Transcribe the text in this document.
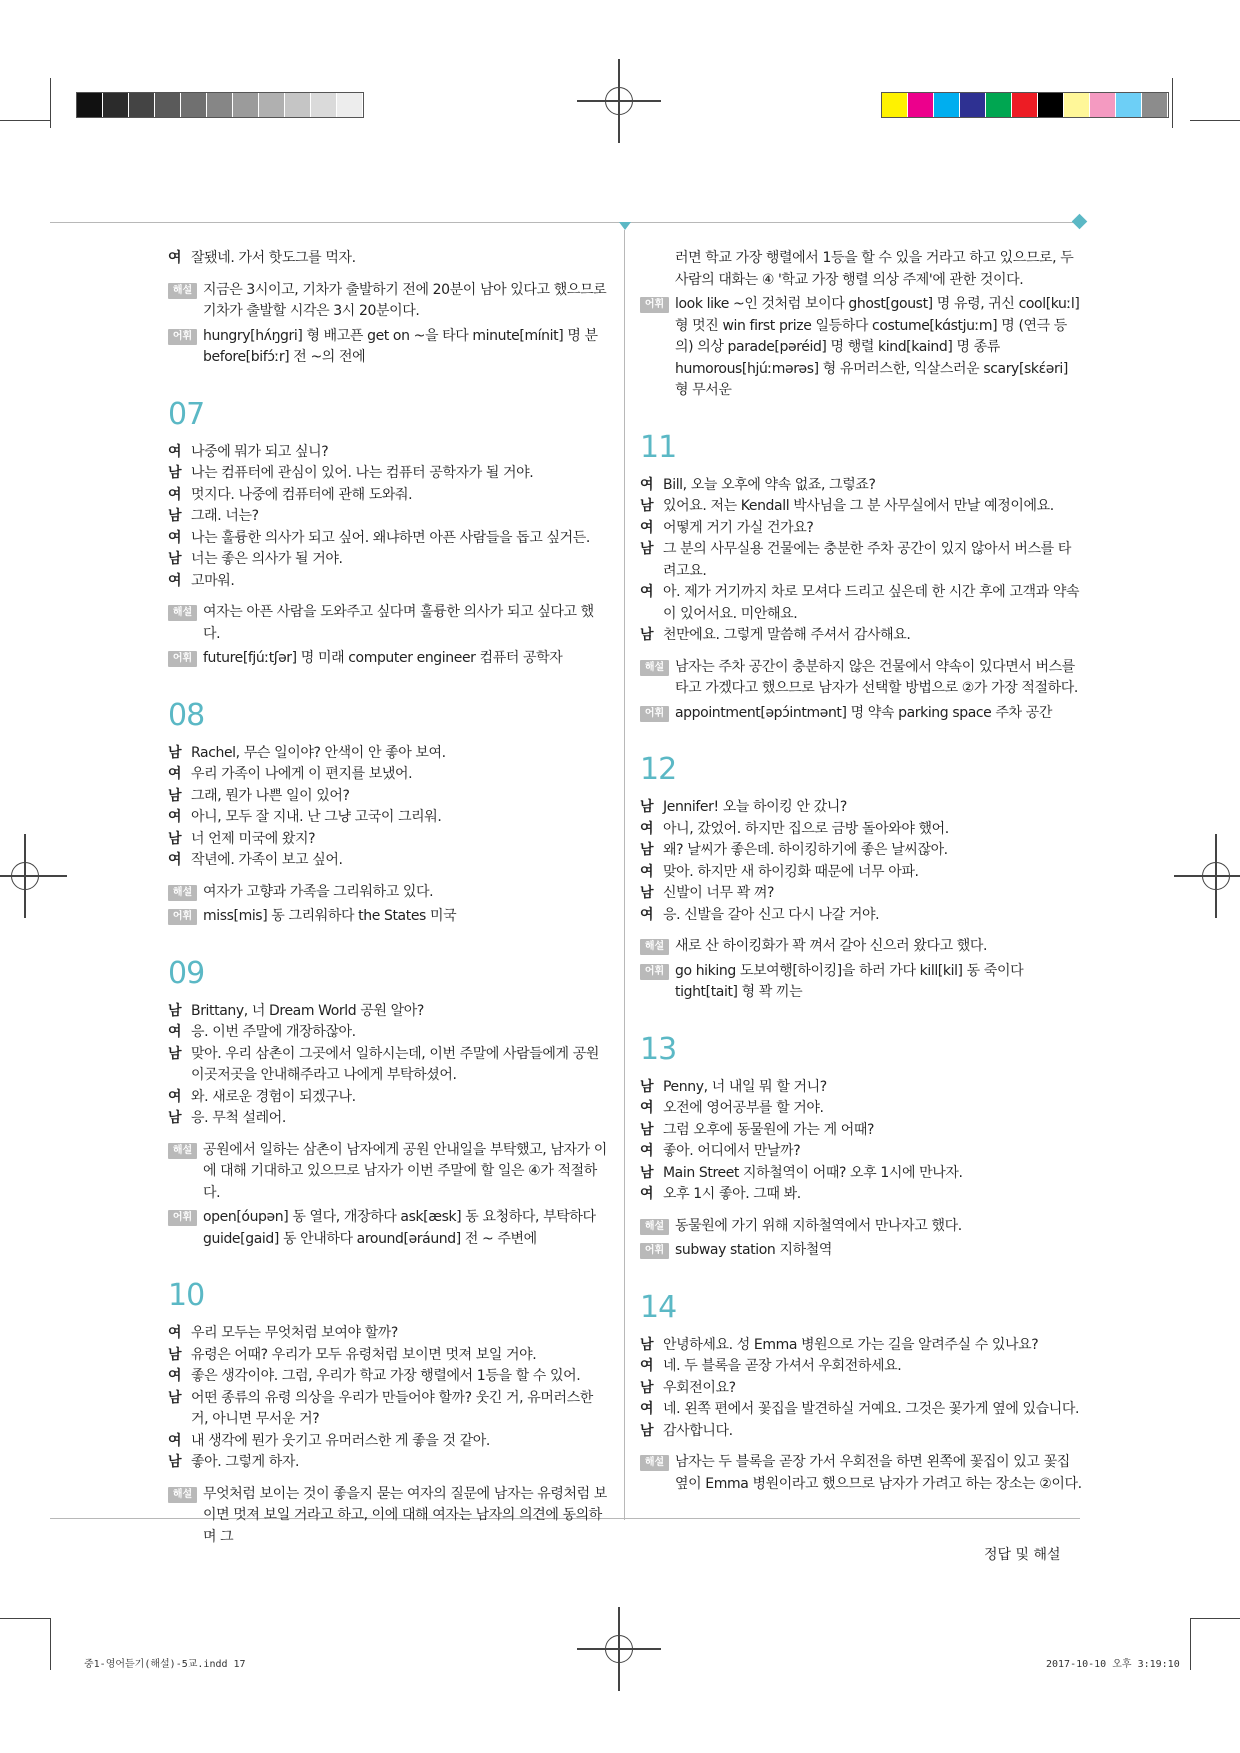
여 잘됐네. 가서 핫도그를 먹자.
해설 지금은 3시이고, 기차가 출발하기 전에 20분이 남아 있다고 했으므로 기차가 출발할 시각은 3시 20분이다.
어휘 hungry[hʌ́ŋgri] 형 배고픈 get on ~을 타다 minute[mínit] 명 분 before[bifɔ́ːr] 전 ~의 전에
07
여 나중에 뭐가 되고 싶니?
남 나는 컴퓨터에 관심이 있어. 나는 컴퓨터 공학자가 될 거야.
여 멋지다. 나중에 컴퓨터에 관해 도와줘.
남 그래. 너는?
여 나는 훌륭한 의사가 되고 싶어. 왜냐하면 아픈 사람들을 돕고 싶거든.
남 너는 좋은 의사가 될 거야.
여 고마워.
해설 여자는 아픈 사람을 도와주고 싶다며 훌륭한 의사가 되고 싶다고 했다.
어휘 future[fjúːtʃər] 명 미래 computer engineer 컴퓨터 공학자
08
남 Rachel, 무슨 일이야? 안색이 안 좋아 보여.
여 우리 가족이 나에게 이 편지를 보냈어.
남 그래, 뭔가 나쁜 일이 있어?
여 아니, 모두 잘 지내. 난 그냥 고국이 그리워.
남 너 언제 미국에 왔지?
여 작년에. 가족이 보고 싶어.
해설 여자가 고향과 가족을 그리워하고 있다.
어휘 miss[mis] 동 그리워하다 the States 미국
09
남 Brittany, 너 Dream World 공원 알아?
여 응. 이번 주말에 개장하잖아.
남 맞아. 우리 삼촌이 그곳에서 일하시는데, 이번 주말에 사람들에게 공원 이곳저곳을 안내해주라고 나에게 부탁하셨어.
여 와. 새로운 경험이 되겠구나.
남 응. 무척 설레어.
해설 공원에서 일하는 삼촌이 남자에게 공원 안내일을 부탁했고, 남자가 이에 대해 기대하고 있으므로 남자가 이번 주말에 할 일은 ④가 적절하다.
어휘 open[óupən] 동 열다, 개장하다 ask[æsk] 동 요청하다, 부탁하다 guide[gaid] 동 안내하다 around[əráund] 전 ~ 주변에
10
여 우리 모두는 무엇처럼 보여야 할까?
남 유령은 어때? 우리가 모두 유령처럼 보이면 멋져 보일 거야.
여 좋은 생각이야. 그럼, 우리가 학교 가장 행렬에서 1등을 할 수 있어.
남 어떤 종류의 유령 의상을 우리가 만들어야 할까? 웃긴 거, 유머러스한 거, 아니면 무서운 거?
여 내 생각에 뭔가 웃기고 유머러스한 게 좋을 것 같아.
남 좋아. 그렇게 하자.
해설 무엇처럼 보이는 것이 좋을지 묻는 여자의 질문에 남자는 유령처럼 보이면 멋져 보일 거라고 하고, 이에 대해 여자는 남자의 의견에 동의하며 그
러면 학교 가장 행렬에서 1등을 할 수 있을 거라고 하고 있으므로, 두 사람의 대화는 ④ '학교 가장 행렬 의상 주제'에 관한 것이다.
어휘 look like ~인 것처럼 보이다 ghost[goust] 명 유령, 귀신 cool[kuːl] 형 멋진 win first prize 일등하다 costume[kɑ́stjuːm] 명 (연극 등의) 의상 parade[pəréid] 명 행렬 kind[kaind] 명 종류 humorous[hjúːmərəs] 형 유머러스한, 익살스러운 scary[skɛ́əri] 형 무서운
11
여 Bill, 오늘 오후에 약속 없죠, 그렇죠?
남 있어요. 저는 Kendall 박사님을 그 분 사무실에서 만날 예정이에요.
여 어떻게 거기 가실 건가요?
남 그 분의 사무실용 건물에는 충분한 주차 공간이 있지 않아서 버스를 타려고요.
여 아. 제가 거기까지 차로 모셔다 드리고 싶은데 한 시간 후에 고객과 약속이 있어서요. 미안해요.
남 천만에요. 그렇게 말씀해 주셔서 감사해요.
해설 남자는 주차 공간이 충분하지 않은 건물에서 약속이 있다면서 버스를 타고 가겠다고 했으므로 남자가 선택할 방법으로 ②가 가장 적절하다.
어휘 appointment[əpɔ́intmənt] 명 약속 parking space 주차 공간
12
남 Jennifer! 오늘 하이킹 안 갔니?
여 아니, 갔었어. 하지만 집으로 금방 돌아와야 했어.
남 왜? 날씨가 좋은데. 하이킹하기에 좋은 날씨잖아.
여 맞아. 하지만 새 하이킹화 때문에 너무 아파.
남 신발이 너무 꽉 껴?
여 응. 신발을 갈아 신고 다시 나갈 거야.
해설 새로 산 하이킹화가 꽉 껴서 갈아 신으러 왔다고 했다.
어휘 go hiking 도보여행[하이킹]을 하러 가다 kill[kil] 동 죽이다 tight[tait] 형 꽉 끼는
13
남 Penny, 너 내일 뭐 할 거니?
여 오전에 영어공부를 할 거야.
남 그럼 오후에 동물원에 가는 게 어때?
여 좋아. 어디에서 만날까?
남 Main Street 지하철역이 어때? 오후 1시에 만나자.
여 오후 1시 좋아. 그때 봐.
해설 동물원에 가기 위해 지하철역에서 만나자고 했다.
어휘 subway station 지하철역
14
남 안녕하세요. 성 Emma 병원으로 가는 길을 알려주실 수 있나요?
여 네. 두 블록을 곧장 가셔서 우회전하세요.
남 우회전이요?
여 네. 왼쪽 편에서 꽃집을 발견하실 거예요. 그것은 꽃가게 옆에 있습니다.
남 감사합니다.
해설 남자는 두 블록을 곧장 가서 우회전을 하면 왼쪽에 꽃집이 있고 꽃집 옆이 Emma 병원이라고 했으므로 남자가 가려고 하는 장소는 ②이다.
정답 및 해설
중1-영어듣기(해설)-5교.indd 17	2017-10-10 오후 3:19:10
